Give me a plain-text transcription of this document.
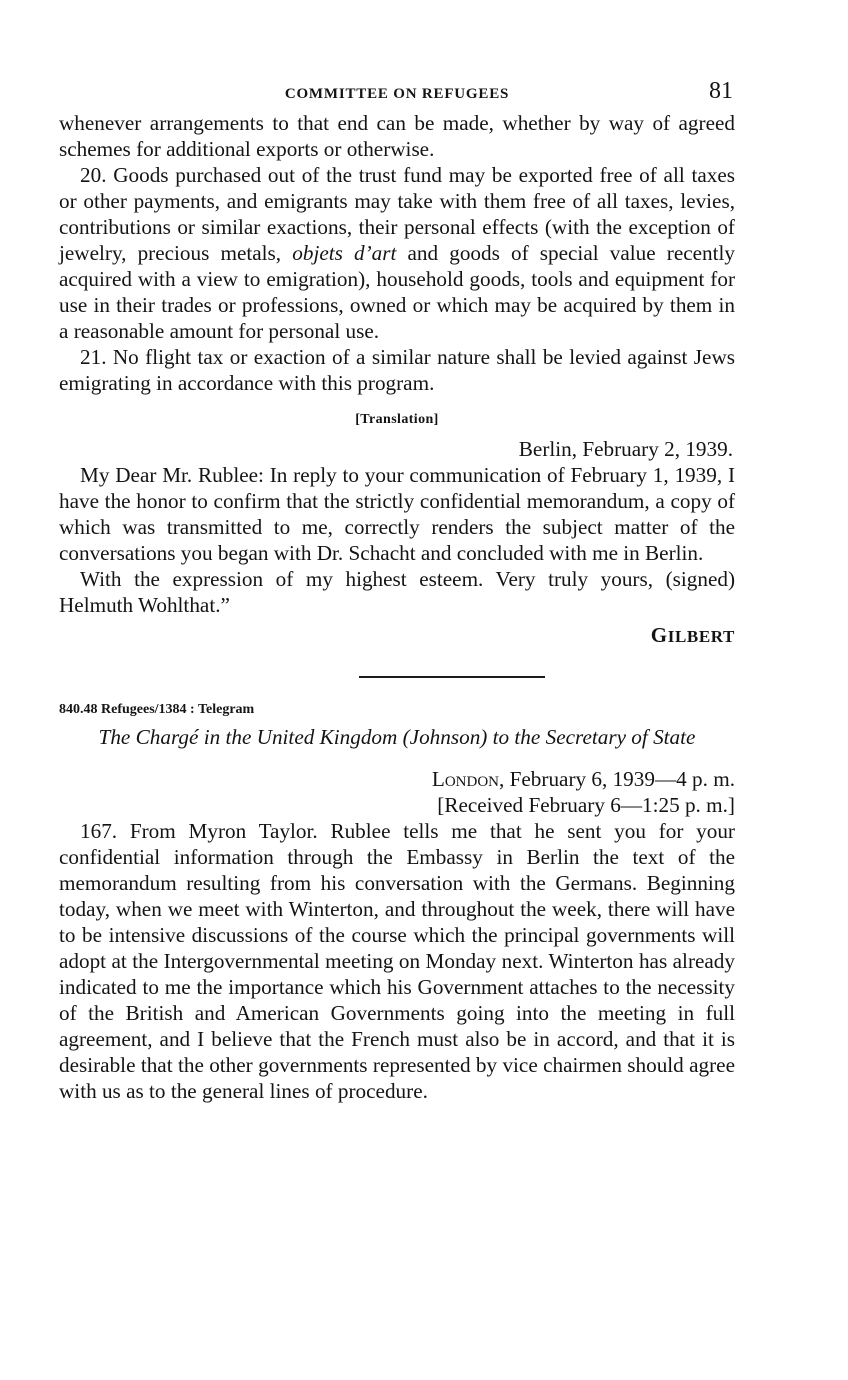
COMMITTEE ON REFUGEES	81

whenever arrangements to that end can be made, whether by way of agreed schemes for additional exports or otherwise.

20. Goods purchased out of the trust fund may be exported free of all taxes or other payments, and emigrants may take with them free of all taxes, levies, contributions or similar exactions, their personal effects (with the exception of jewelry, precious metals, objets d’art and goods of special value recently acquired with a view to emigration), household goods, tools and equipment for use in their trades or professions, owned or which may be acquired by them in a reasonable amount for personal use.

21. No flight tax or exaction of a similar nature shall be levied against Jews emigrating in accordance with this program.

[Translation]

Berlin, February 2, 1939.

My Dear Mr. Rublee: In reply to your communication of February 1, 1939, I have the honor to confirm that the strictly confidential memorandum, a copy of which was transmitted to me, correctly renders the subject matter of the conversations you began with Dr. Schacht and concluded with me in Berlin.

With the expression of my highest esteem. Very truly yours, (signed) Helmuth Wohlthat.”

GILBERT
840.48 Refugees/1384 : Telegram
The Chargé in the United Kingdom (Johnson) to the Secretary of State

London, February 6, 1939—4 p. m.

[Received February 6—1:25 p. m.]

167. From Myron Taylor. Rublee tells me that he sent you for your confidential information through the Embassy in Berlin the text of the memorandum resulting from his conversation with the Germans. Beginning today, when we meet with Winterton, and throughout the week, there will have to be intensive discussions of the course which the principal governments will adopt at the Intergovernmental meeting on Monday next. Winterton has already indicated to me the importance which his Government attaches to the necessity of the British and American Governments going into the meeting in full agreement, and I believe that the French must also be in accord, and that it is desirable that the other governments represented by vice chairmen should agree with us as to the general lines of procedure.
